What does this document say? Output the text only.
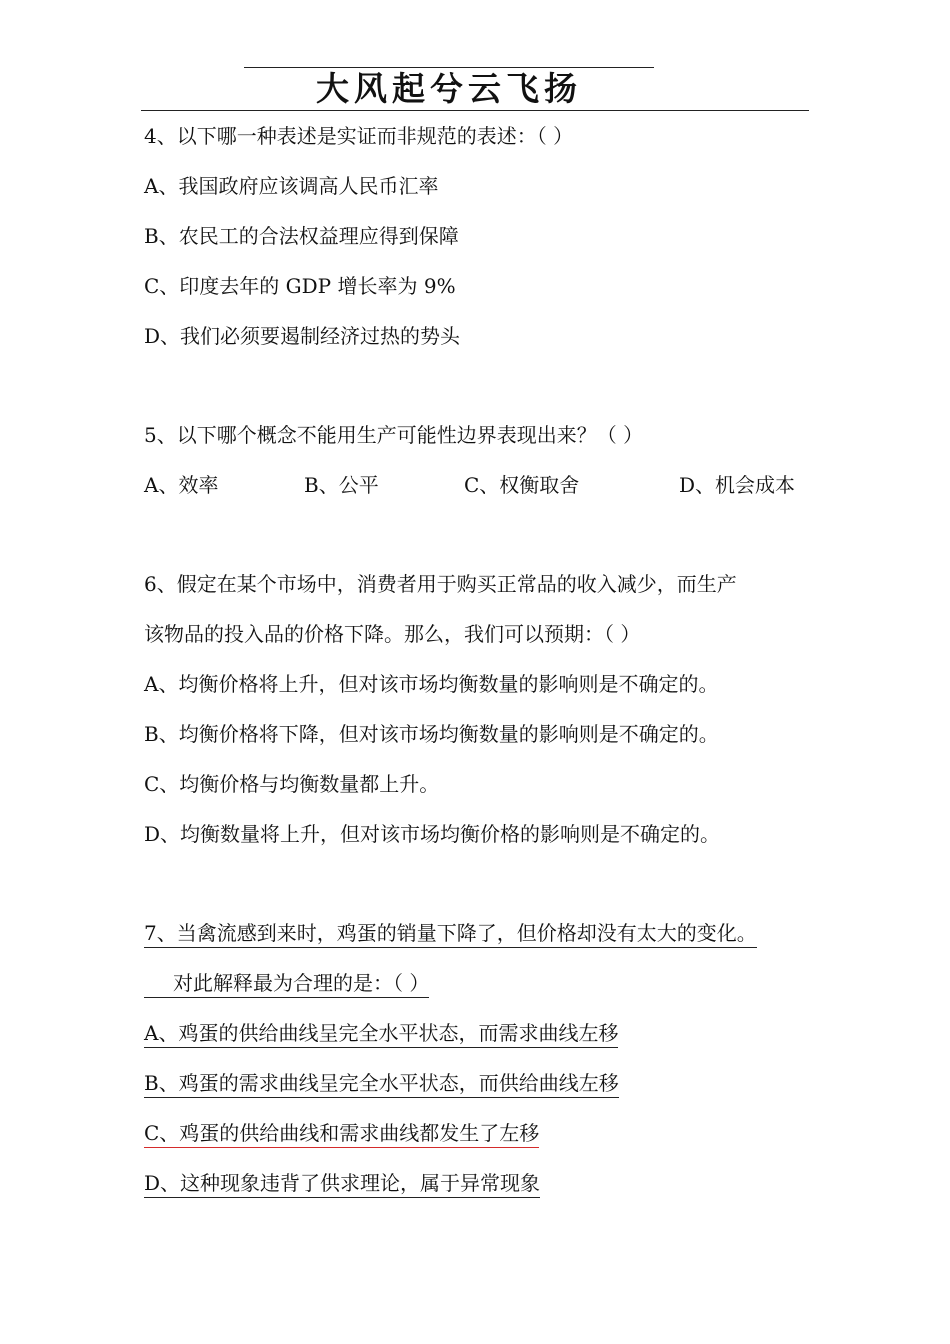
大风起兮云飞扬
4、以下哪一种表述是实证而非规范的表述：（ ）
A、我国政府应该调高人民币汇率
B、农民工的合法权益理应得到保障
C、印度去年的 GDP 增长率为 9%
D、我们必须要遏制经济过热的势头
5、以下哪个概念不能用生产可能性边界表现出来？（ ）
A、效率	B、公平	C、权衡取舍	D、机会成本
6、假定在某个市场中，消费者用于购买正常品的收入减少，而生产
该物品的投入品的价格下降。那么，我们可以预期：（ ）
A、均衡价格将上升，但对该市场均衡数量的影响则是不确定的。
B、均衡价格将下降，但对该市场均衡数量的影响则是不确定的。
C、均衡价格与均衡数量都上升。
D、均衡数量将上升，但对该市场均衡价格的影响则是不确定的。
7、当禽流感到来时，鸡蛋的销量下降了，但价格却没有太大的变化。
对此解释最为合理的是：（ ）
A、鸡蛋的供给曲线呈完全水平状态，而需求曲线左移
B、鸡蛋的需求曲线呈完全水平状态，而供给曲线左移
C、鸡蛋的供给曲线和需求曲线都发生了左移
D、这种现象违背了供求理论，属于异常现象
